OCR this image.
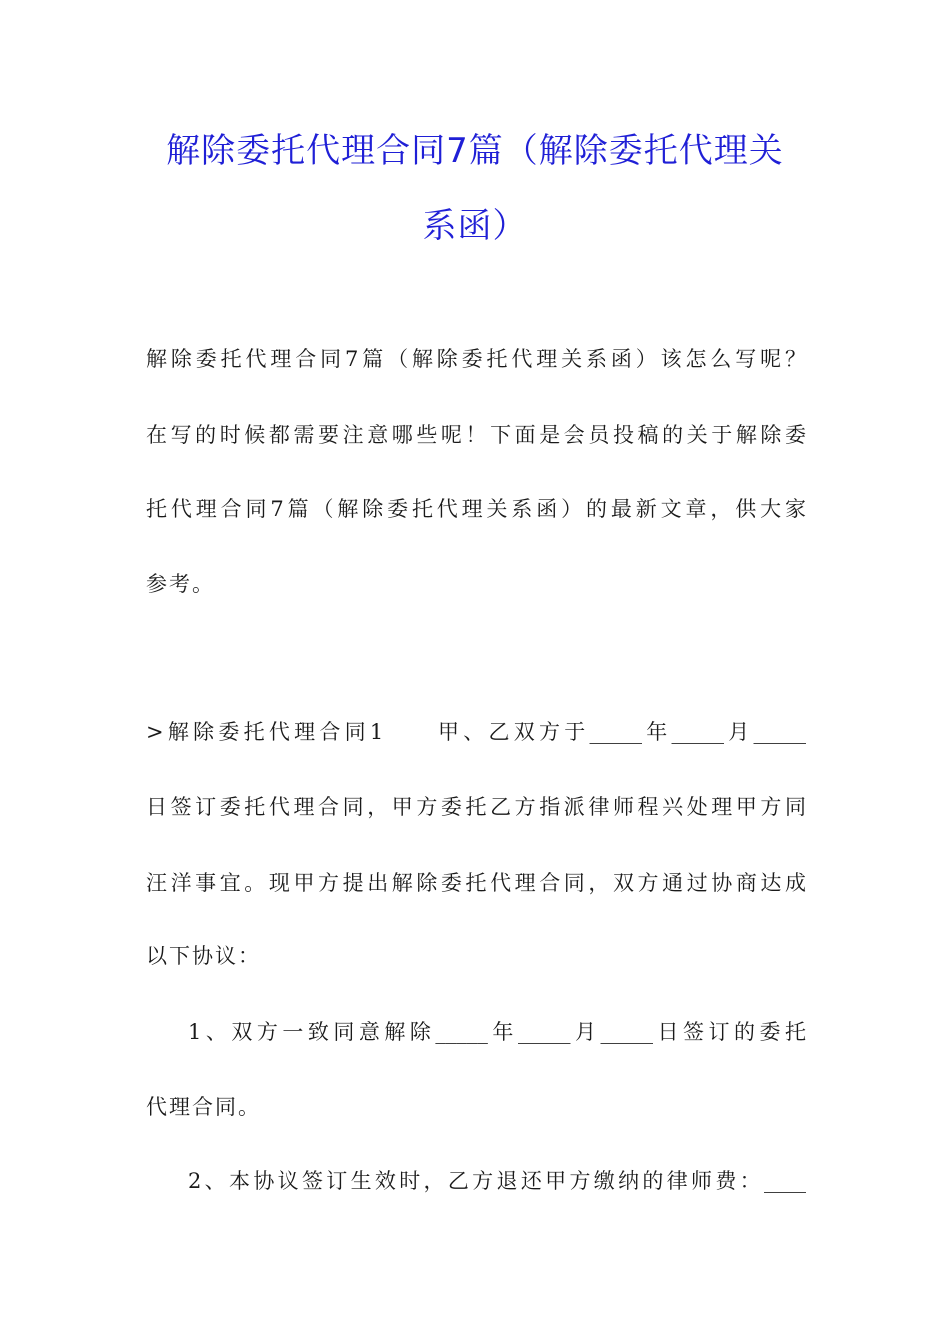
解除委托代理合同7篇（解除委托代理关
系函）
解除委托代理合同7篇（解除委托代理关系函）该怎么写呢？
在写的时候都需要注意哪些呢！下面是会员投稿的关于解除委
托代理合同7篇（解除委托代理关系函）的最新文章，供大家
参考。
>解除委托代理合同1　　甲、乙双方于_____年_____月_____
日签订委托代理合同，甲方委托乙方指派律师程兴处理甲方同
汪洋事宜。现甲方提出解除委托代理合同，双方通过协商达成
以下协议：
1、双方一致同意解除_____年_____月_____日签订的委托
代理合同。
2、本协议签订生效时，乙方退还甲方缴纳的律师费：____
